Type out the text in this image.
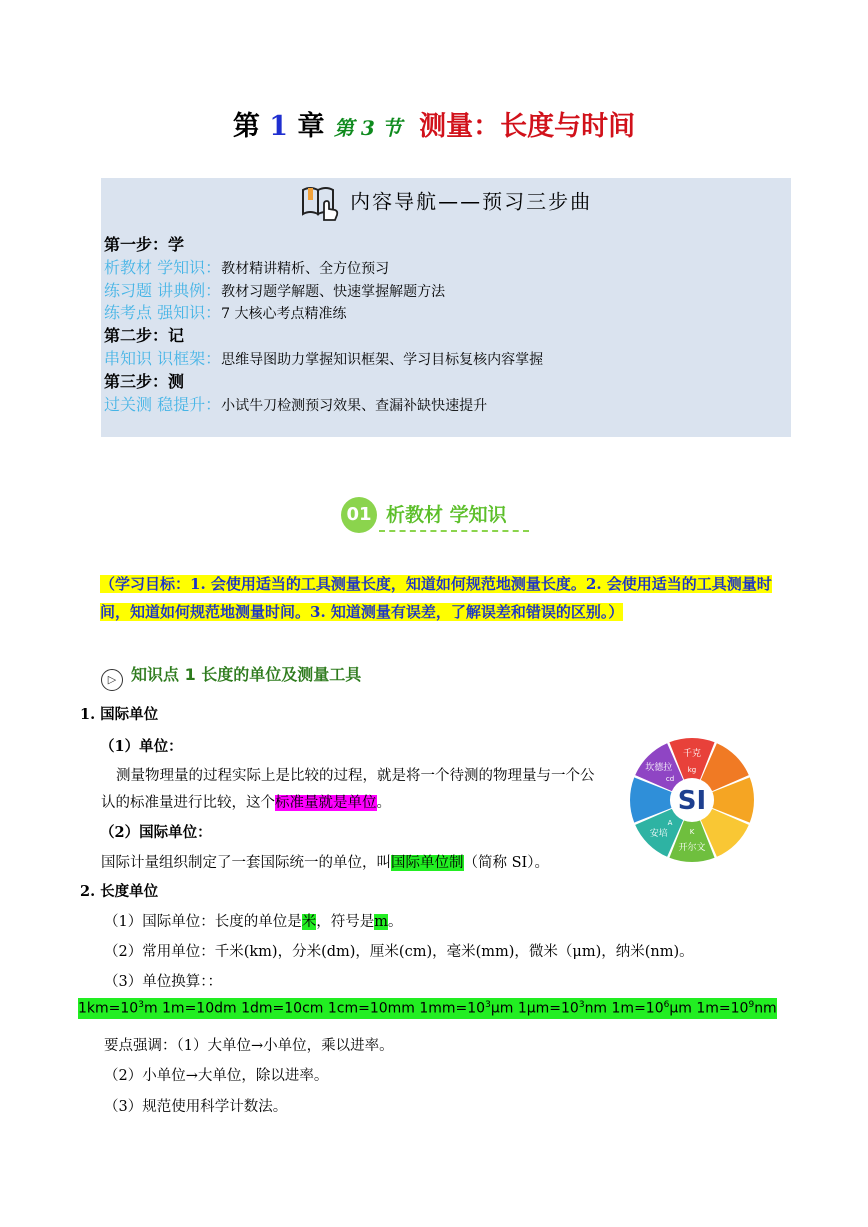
第 1 章 第 3 节 测量：长度与时间
内容导航——预习三步曲
第一步：学
析教材 学知识：教材精讲精析、全方位预习
练习题 讲典例：教材习题学解题、快速掌握解题方法
练考点 强知识：7 大核心考点精准练
第二步：记
串知识 识框架：思维导图助力掌握知识框架、学习目标复核内容掌握
第三步：测
过关测 稳提升：小试牛刀检测预习效果、查漏补缺快速提升
01 析教材 学知识
（学习目标：1. 会使用适当的工具测量长度，知道如何规范地测量长度。2. 会使用适当的工具测量时
间，知道如何规范地测量时间。3. 知道测量有误差，了解误差和错误的区别。）
▷ 知识点 1 长度的单位及测量工具
1. 国际单位
（1）单位：
测量物理量的过程实际上是比较的过程，就是将一个待测的物理量与一个公
认的标准量进行比较，这个标准量就是单位。
（2）国际单位：
国际计量组织制定了一套国际统一的单位，叫国际单位制（简称 SI）。
2. 长度单位
（1）国际单位：长度的单位是米，符号是m。
（2）常用单位：千米(km)，分米(dm)，厘米(cm)，毫米(mm)，微米（μm)，纳米(nm)。
（3）单位换算：：
$1km=10^3m$ 1m=10dm 1dm=10cm 1cm=10mm $1mm=10^3\mu m$ $1\mu m=10^3nm$ $1m=10^6\mu m$ $1m=10^9nm$
要点强调：（1）大单位→小单位，乘以进率。
（2）小单位→大单位，除以进率。
（3）规范使用科学计数法。
千克
kg
开尔文
K
安培
A
坎德拉
cd
SI
